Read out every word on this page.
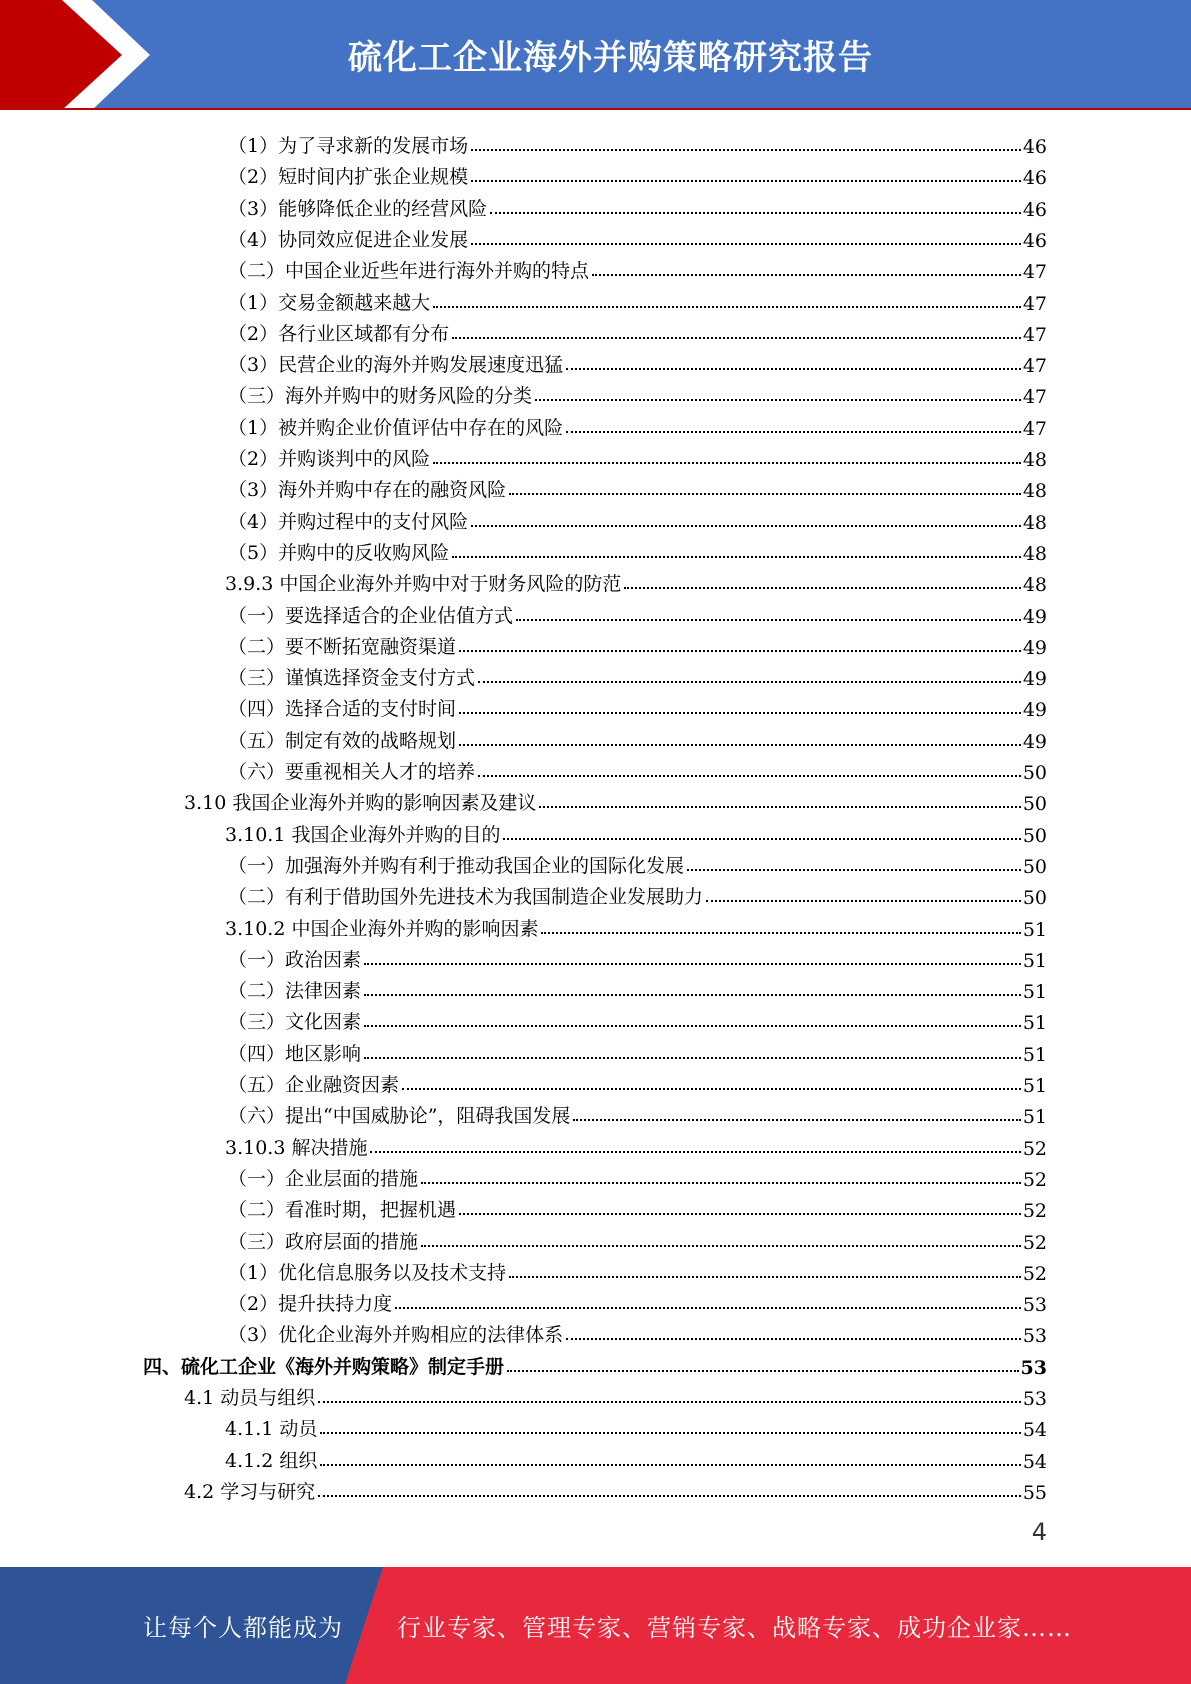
硫化工企业海外并购策略研究报告
（1）为了寻求新的发展市场	46
（2）短时间内扩张企业规模	46
（3）能够降低企业的经营风险	46
（4）协同效应促进企业发展	46
（二）中国企业近些年进行海外并购的特点	47
（1）交易金额越来越大	47
（2）各行业区域都有分布	47
（3）民营企业的海外并购发展速度迅猛	47
（三）海外并购中的财务风险的分类	47
（1）被并购企业价值评估中存在的风险	47
（2）并购谈判中的风险	48
（3）海外并购中存在的融资风险	48
（4）并购过程中的支付风险	48
（5）并购中的反收购风险	48
3.9.3 中国企业海外并购中对于财务风险的防范	48
（一）要选择适合的企业估值方式	49
（二）要不断拓宽融资渠道	49
（三）谨慎选择资金支付方式	49
（四）选择合适的支付时间	49
（五）制定有效的战略规划	49
（六）要重视相关人才的培养	50
3.10 我国企业海外并购的影响因素及建议	50
3.10.1 我国企业海外并购的目的	50
（一）加强海外并购有利于推动我国企业的国际化发展	50
（二）有利于借助国外先进技术为我国制造企业发展助力	50
3.10.2 中国企业海外并购的影响因素	51
（一）政治因素	51
（二）法律因素	51
（三）文化因素	51
（四）地区影响	51
（五）企业融资因素	51
（六）提出“中国威胁论”，阻碍我国发展	51
3.10.3 解决措施	52
（一）企业层面的措施	52
（二）看准时期，把握机遇	52
（三）政府层面的措施	52
（1）优化信息服务以及技术支持	52
（2）提升扶持力度	53
（3）优化企业海外并购相应的法律体系	53
四、硫化工企业《海外并购策略》制定手册	53
4.1 动员与组织	53
4.1.1 动员	54
4.1.2 组织	54
4.2 学习与研究	55
4
让每个人都能成为 行业专家、管理专家、营销专家、战略专家、成功企业家……
